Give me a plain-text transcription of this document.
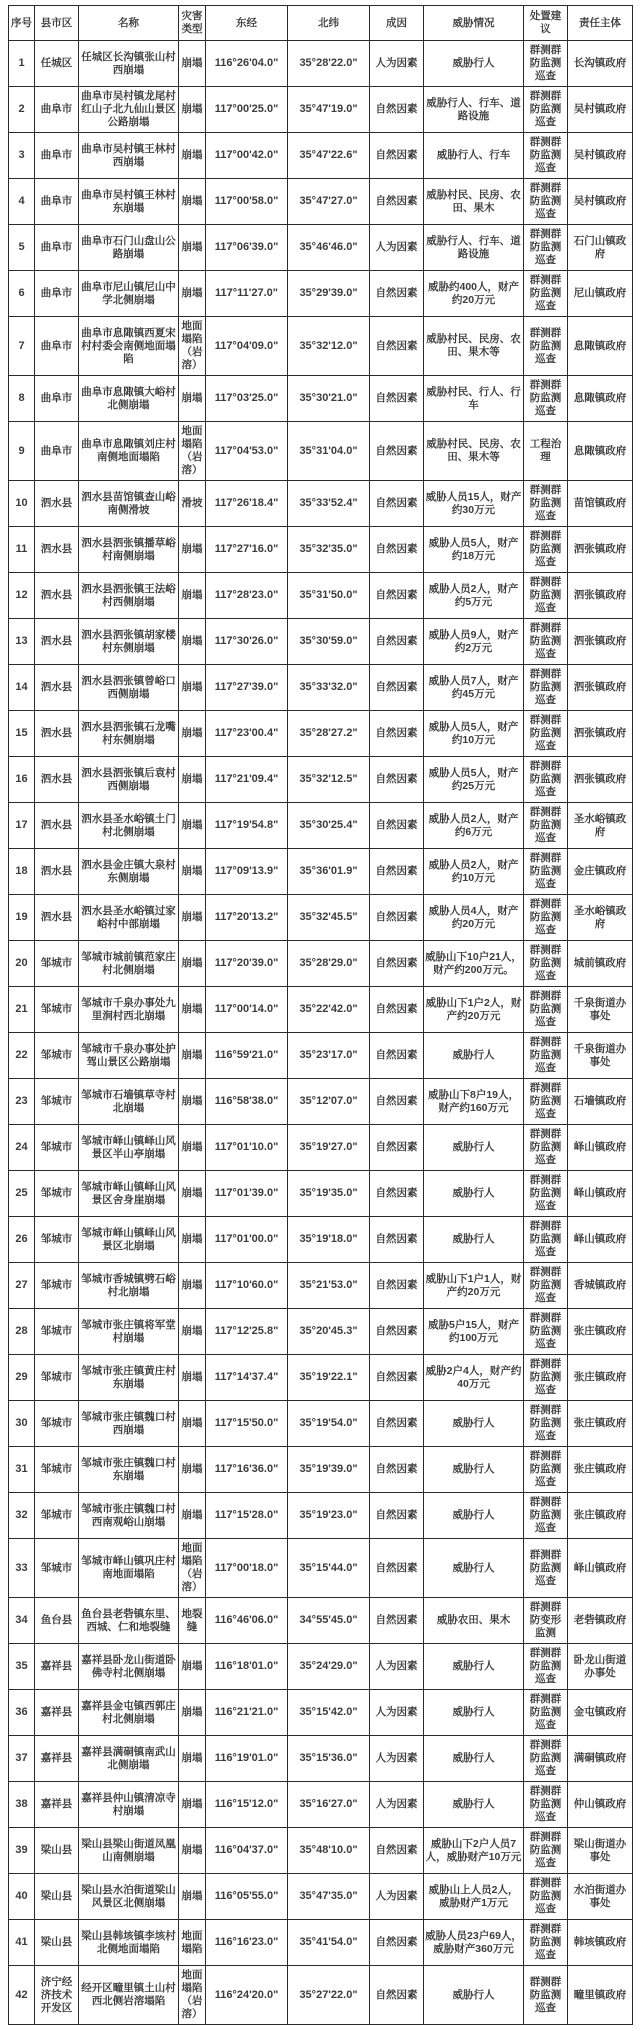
序号	县市区	名称	灾害类型	东经	北纬	成因	威胁情况	处置建议	责任主体
1	任城区	任城区长沟镇张山村西崩塌	崩塌	116°26'04.0"	35°28'22.0"	人为因素	威胁行人	群测群防监测巡查	长沟镇政府
2	曲阜市	曲阜市吴村镇龙尾村红山子北九仙山景区公路崩塌	崩塌	117°00'25.0"	35°47'19.0"	自然因素	威胁行人、行车、道路设施	群测群防监测巡查	吴村镇政府
3	曲阜市	曲阜市吴村镇王林村西崩塌	崩塌	117°00'42.0"	35°47'22.6"	自然因素	威胁行人、行车	群测群防监测巡查	吴村镇政府
4	曲阜市	曲阜市吴村镇王林村东崩塌	崩塌	117°00'58.0"	35°47'27.0"	自然因素	威胁村民、民房、农田、果木	群测群防监测巡查	吴村镇政府
5	曲阜市	曲阜市石门山盘山公路崩塌	崩塌	117°06'39.0"	35°46'46.0"	人为因素	威胁行人、行车、道路设施	群测群防监测巡查	石门山镇政府
6	曲阜市	曲阜市尼山镇尼山中学北侧崩塌	崩塌	117°11'27.0"	35°29'39.0"	自然因素	威胁约400人，财产约20万元	群测群防监测巡查	尼山镇政府
7	曲阜市	曲阜市息陬镇西夏宋村村委会南侧地面塌陷	地面塌陷（岩溶）	117°04'09.0"	35°32'12.0"	自然因素	威胁村民、民房、农田、果木等	群测群防监测巡查	息陬镇政府
8	曲阜市	曲阜市息陬镇大峪村北侧崩塌	崩塌	117°03'25.0"	35°30'21.0"	自然因素	威胁村民、行人、行车	群测群防监测巡查	息陬镇政府
9	曲阜市	曲阜市息陬镇刘庄村南侧地面塌陷	地面塌陷（岩溶）	117°04'53.0"	35°31'04.0"	自然因素	威胁村民、民房、农田、果木等	工程治理	息陬镇政府
10	泗水县	泗水县苗馆镇查山峪南侧滑坡	滑坡	117°26'18.4"	35°33'52.4"	自然因素	威胁人员15人，财产约30万元	群测群防监测巡查	苗馆镇政府
11	泗水县	泗水县泗张镇播草峪村南侧崩塌	崩塌	117°27'16.0"	35°32'35.0"	自然因素	威胁人员5人，财产约18万元	群测群防监测巡查	泗张镇政府
12	泗水县	泗水县泗张镇王法峪村西侧崩塌	崩塌	117°28'23.0"	35°31'50.0"	自然因素	威胁人员2人，财产约5万元	群测群防监测巡查	泗张镇政府
13	泗水县	泗水县泗张镇胡家楼村东侧崩塌	崩塌	117°30'26.0"	35°30'59.0"	自然因素	威胁人员9人，财产约2万元	群测群防监测巡查	泗张镇政府
14	泗水县	泗水县泗张镇曾峪口西侧崩塌	崩塌	117°27'39.0"	35°33'32.0"	自然因素	威胁人员7人，财产约45万元	群测群防监测巡查	泗张镇政府
15	泗水县	泗水县泗张镇石龙嘴村东侧崩塌	崩塌	117°23'00.4"	35°28'27.2"	自然因素	威胁人员5人，财产约10万元	群测群防监测巡查	泗张镇政府
16	泗水县	泗水县泗张镇后袁村西侧崩塌	崩塌	117°21'09.4"	35°32'12.5"	自然因素	威胁人员5人，财产约25万元	群测群防监测巡查	泗张镇政府
17	泗水县	泗水县圣水峪镇土门村北侧崩塌	崩塌	117°19'54.8"	35°30'25.4"	自然因素	威胁人员2人，财产约6万元	群测群防监测巡查	圣水峪镇政府
18	泗水县	泗水县金庄镇大泉村东侧崩塌	崩塌	117°09'13.9"	35°36'01.9"	自然因素	威胁人员2人，财产约10万元	群测群防监测巡查	金庄镇政府
19	泗水县	泗水县圣水峪镇过家峪村中部崩塌	崩塌	117°20'13.2"	35°32'45.5"	自然因素	威胁人员4人，财产约20万元	群测群防监测巡查	圣水峪镇政府
20	邹城市	邹城市城前镇范家庄村北侧崩塌	崩塌	117°20'39.0"	35°28'29.0"	自然因素	威胁山下10户21人，财产约200万元。	群测群防监测巡查	城前镇政府
21	邹城市	邹城市千泉办事处九里涧村西北崩塌	崩塌	117°00'14.0"	35°22'42.0"	自然因素	威胁山下1户2人，财产约20万元	群测群防监测巡查	千泉街道办事处
22	邹城市	邹城市千泉办事处护驾山景区公路崩塌	崩塌	116°59'21.0"	35°23'17.0"	自然因素	威胁行人	群测群防监测巡查	千泉街道办事处
23	邹城市	邹城市石墙镇草寺村北崩塌	崩塌	116°58'38.0"	35°12'07.0"	自然因素	威胁山下8户19人，财产约160万元	群测群防监测巡查	石墙镇政府
24	邹城市	邹城市峄山镇峄山风景区半山亭崩塌	崩塌	117°01'10.0"	35°19'27.0"	自然因素	威胁行人	群测群防监测巡查	峄山镇政府
25	邹城市	邹城市峄山镇峄山风景区舍身崖崩塌	崩塌	117°01'39.0"	35°19'35.0"	自然因素	威胁行人	群测群防监测巡查	峄山镇政府
26	邹城市	邹城市峄山镇峄山风景区北崩塌	崩塌	117°01'00.0"	35°19'18.0"	自然因素	威胁行人	群测群防监测巡查	峄山镇政府
27	邹城市	邹城市香城镇劈石峪村北崩塌	崩塌	117°10'60.0"	35°21'53.0"	自然因素	威胁山下1户1人，财产约20万元	群测群防监测巡查	香城镇政府
28	邹城市	邹城市张庄镇将军堂村崩塌	崩塌	117°12'25.8"	35°20'45.3"	自然因素	威胁5户15人，财产约100万元	群测群防监测巡查	张庄镇政府
29	邹城市	邹城市张庄镇黄庄村东崩塌	崩塌	117°14'37.4"	35°19'22.1"	自然因素	威胁2户4人，财产约40万元	群测群防监测巡查	张庄镇政府
30	邹城市	邹城市张庄镇魏口村西崩塌	崩塌	117°15'50.0"	35°19'54.0"	自然因素	威胁行人	群测群防监测巡查	张庄镇政府
31	邹城市	邹城市张庄镇魏口村东崩塌	崩塌	117°16'36.0"	35°19'39.0"	自然因素	威胁行人	群测群防监测巡查	张庄镇政府
32	邹城市	邹城市张庄镇魏口村西南观峪山崩塌	崩塌	117°15'28.0"	35°19'23.0"	自然因素	威胁行人	群测群防监测巡查	张庄镇政府
33	邹城市	邹城市峄山镇巩庄村南地面塌陷	地面塌陷（岩溶）	117°00'18.0"	35°15'44.0"	自然因素	威胁行人	群测群防监测巡查	峄山镇政府
34	鱼台县	鱼台县老砦镇东里、西城、仁和地裂缝	地裂缝	116°46'06.0"	34°55'45.0"	自然因素	威胁农田、果木	群测群防变形监测	老砦镇政府
35	嘉祥县	嘉祥县卧龙山街道卧佛寺村北侧崩塌	崩塌	116°18'01.0"	35°24'29.0"	人为因素	威胁行人	群测群防监测巡查	卧龙山街道办事处
36	嘉祥县	嘉祥县金屯镇西郭庄村北侧崩塌	崩塌	116°21'21.0"	35°15'42.0"	人为因素	威胁行人	群测群防监测巡查	金屯镇政府
37	嘉祥县	嘉祥县满硐镇南武山北侧崩塌	崩塌	116°19'01.0"	35°15'36.0"	人为因素	威胁行人	群测群防监测巡查	满硐镇政府
38	嘉祥县	嘉祥县仲山镇清凉寺村崩塌	崩塌	116°15'12.0"	35°16'27.0"	人为因素	威胁行人	群测群防监测巡查	仲山镇政府
39	梁山县	梁山县梁山街道凤凰山南侧崩塌	崩塌	116°04'37.0"	35°48'10.0"	自然因素	威胁山下2户人员7人，威胁财产10万元	群测群防监测巡查	梁山街道办事处
40	梁山县	梁山县水泊街道梁山风景区北侧崩塌	崩塌	116°05'55.0"	35°47'35.0"	人为因素	威胁山上人员2人，威胁财产1万元	群测群防监测巡查	水泊街道办事处
41	梁山县	梁山县韩垓镇李垓村北侧地面塌陷	地面塌陷	116°16'23.0"	35°41'54.0"	自然因素	威胁人员23户69人，威胁财产360万元	群测群防监测巡查	韩垓镇政府
42	济宁经济技术开发区	经开区疃里镇土山村西北侧岩溶塌陷	地面塌陷（岩溶）	116°24'20.0"	35°27'22.0"	自然因素	威胁行人	群测群防监测巡查	疃里镇政府
